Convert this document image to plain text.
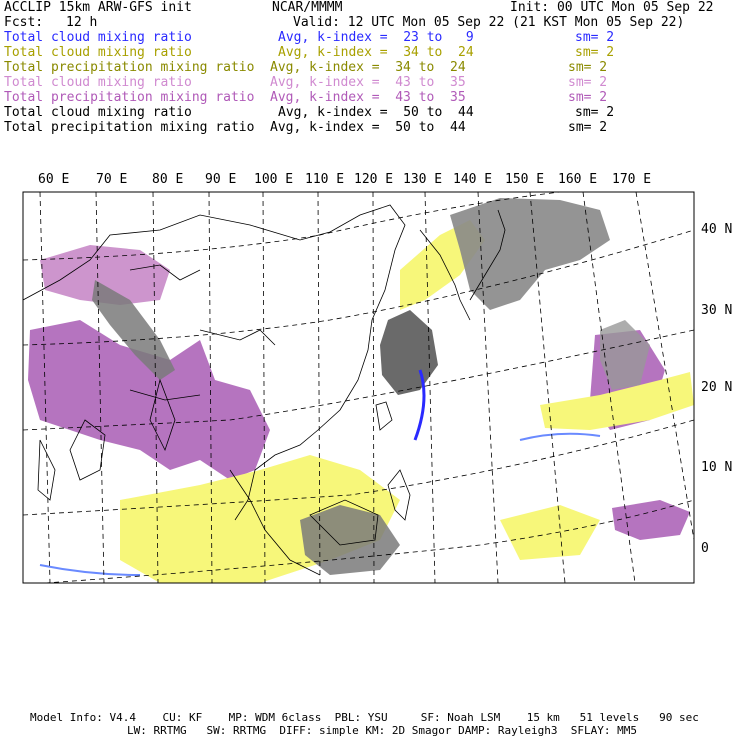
ACCLIP 15km ARW-GFS init	NCAR/MMMM	Init: 00 UTC Mon 05 Sep 22
Fcst: 12 h	Valid: 12 UTC Mon 05 Sep 22 (21 KST Mon 05 Sep 22)
Total cloud mixing ratio	Avg, k-index =  23 to   9	sm= 2
Total cloud mixing ratio	Avg, k-index =  34 to  24	sm= 2
Total precipitation mixing ratio Avg, k-index =  34 to  24	sm= 2
Total cloud mixing ratio	Avg, k-index =  43 to  35	sm= 2
Total precipitation mixing ratio Avg, k-index =  43 to  35	sm= 2
Total cloud mixing ratio	Avg, k-index =  50 to  44	sm= 2
Total precipitation mixing ratio Avg, k-index =  50 to  44	sm= 2
60 E 70 E 80 E 90 E 100 E 110 E 120 E 130 E 140 E 150 E 160 E 170 E
40 N
30 N
20 N
10 N
0
Model Info: V4.4    CU: KF    MP: WDM 6class  PBL: YSU     SF: Noah LSM    15 km   51 levels   90 sec
LW: RRTMG   SW: RRTMG  DIFF: simple KM: 2D Smagor DAMP: Rayleigh3  SFLAY: MM5
